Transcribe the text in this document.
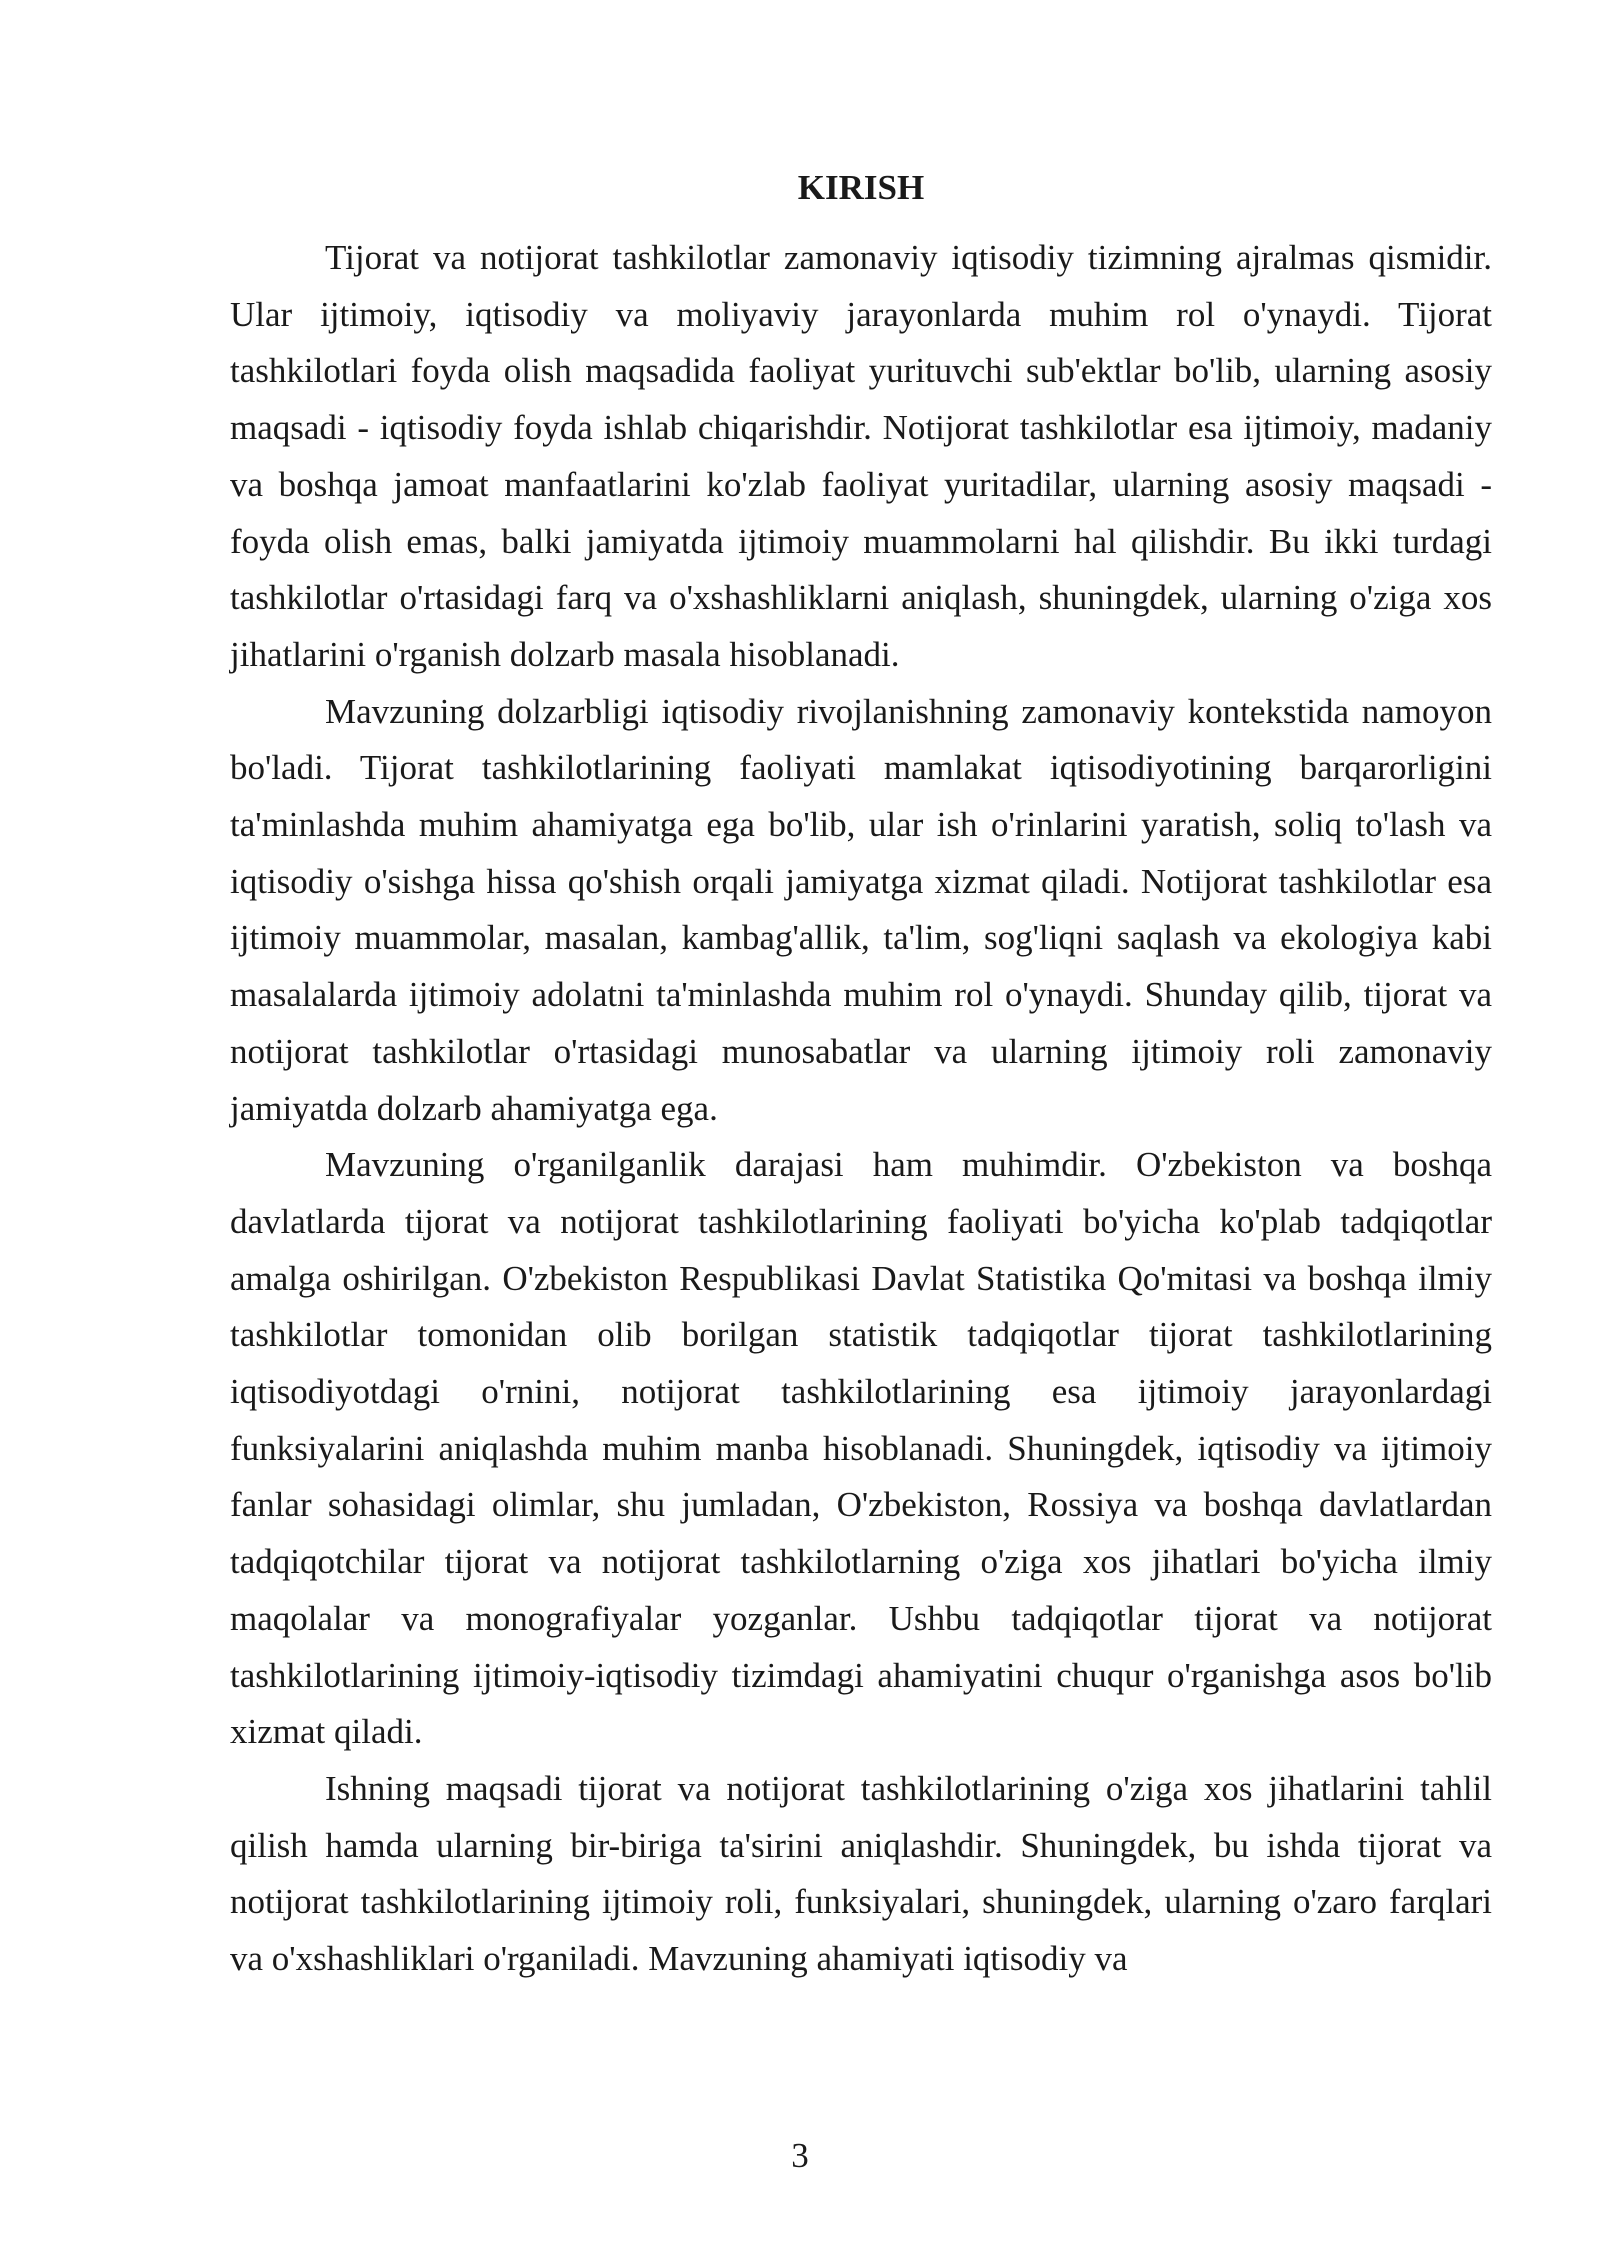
KIRISH

Tijorat va notijorat tashkilotlar zamonaviy iqtisodiy tizimning ajralmas qismidir. Ular ijtimoiy, iqtisodiy va moliyaviy jarayonlarda muhim rol o'ynaydi. Tijorat tashkilotlari foyda olish maqsadida faoliyat yurituvchi sub'ektlar bo'lib, ularning asosiy maqsadi - iqtisodiy foyda ishlab chiqarishdir. Notijorat tashkilotlar esa ijtimoiy, madaniy va boshqa jamoat manfaatlarini ko'zlab faoliyat yuritadilar, ularning asosiy maqsadi - foyda olish emas, balki jamiyatda ijtimoiy muammolarni hal qilishdir. Bu ikki turdagi tashkilotlar o'rtasidagi farq va o'xshashliklarni aniqlash, shuningdek, ularning o'ziga xos jihatlarini o'rganish dolzarb masala hisoblanadi.

Mavzuning dolzarbligi iqtisodiy rivojlanishning zamonaviy kontekstida namoyon bo'ladi. Tijorat tashkilotlarining faoliyati mamlakat iqtisodiyotining barqarorligini ta'minlashda muhim ahamiyatga ega bo'lib, ular ish o'rinlarini yaratish, soliq to'lash va iqtisodiy o'sishga hissa qo'shish orqali jamiyatga xizmat qiladi. Notijorat tashkilotlar esa ijtimoiy muammolar, masalan, kambag'allik, ta'lim, sog'liqni saqlash va ekologiya kabi masalalarda ijtimoiy adolatni ta'minlashda muhim rol o'ynaydi. Shunday qilib, tijorat va notijorat tashkilotlar o'rtasidagi munosabatlar va ularning ijtimoiy roli zamonaviy jamiyatda dolzarb ahamiyatga ega.

Mavzuning o'rganilganlik darajasi ham muhimdir. O'zbekiston va boshqa davlatlarda tijorat va notijorat tashkilotlarining faoliyati bo'yicha ko'plab tadqiqotlar amalga oshirilgan. O'zbekiston Respublikasi Davlat Statistika Qo'mitasi va boshqa ilmiy tashkilotlar tomonidan olib borilgan statistik tadqiqotlar tijorat tashkilotlarining iqtisodiyotdagi o'rnini, notijorat tashkilotlarining esa ijtimoiy jarayonlardagi funksiyalarini aniqlashda muhim manba hisoblanadi. Shuningdek, iqtisodiy va ijtimoiy fanlar sohasidagi olimlar, shu jumladan, O'zbekiston, Rossiya va boshqa davlatlardan tadqiqotchilar tijorat va notijorat tashkilotlarning o'ziga xos jihatlari bo'yicha ilmiy maqolalar va monografiyalar yozganlar. Ushbu tadqiqotlar tijorat va notijorat tashkilotlarining ijtimoiy-iqtisodiy tizimdagi ahamiyatini chuqur o'rganishga asos bo'lib xizmat qiladi.

Ishning maqsadi tijorat va notijorat tashkilotlarining o'ziga xos jihatlarini tahlil qilish hamda ularning bir-biriga ta'sirini aniqlashdir. Shuningdek, bu ishda tijorat va notijorat tashkilotlarining ijtimoiy roli, funksiyalari, shuningdek, ularning o'zaro farqlari va o'xshashliklari o'rganiladi. Mavzuning ahamiyati iqtisodiy va

3
